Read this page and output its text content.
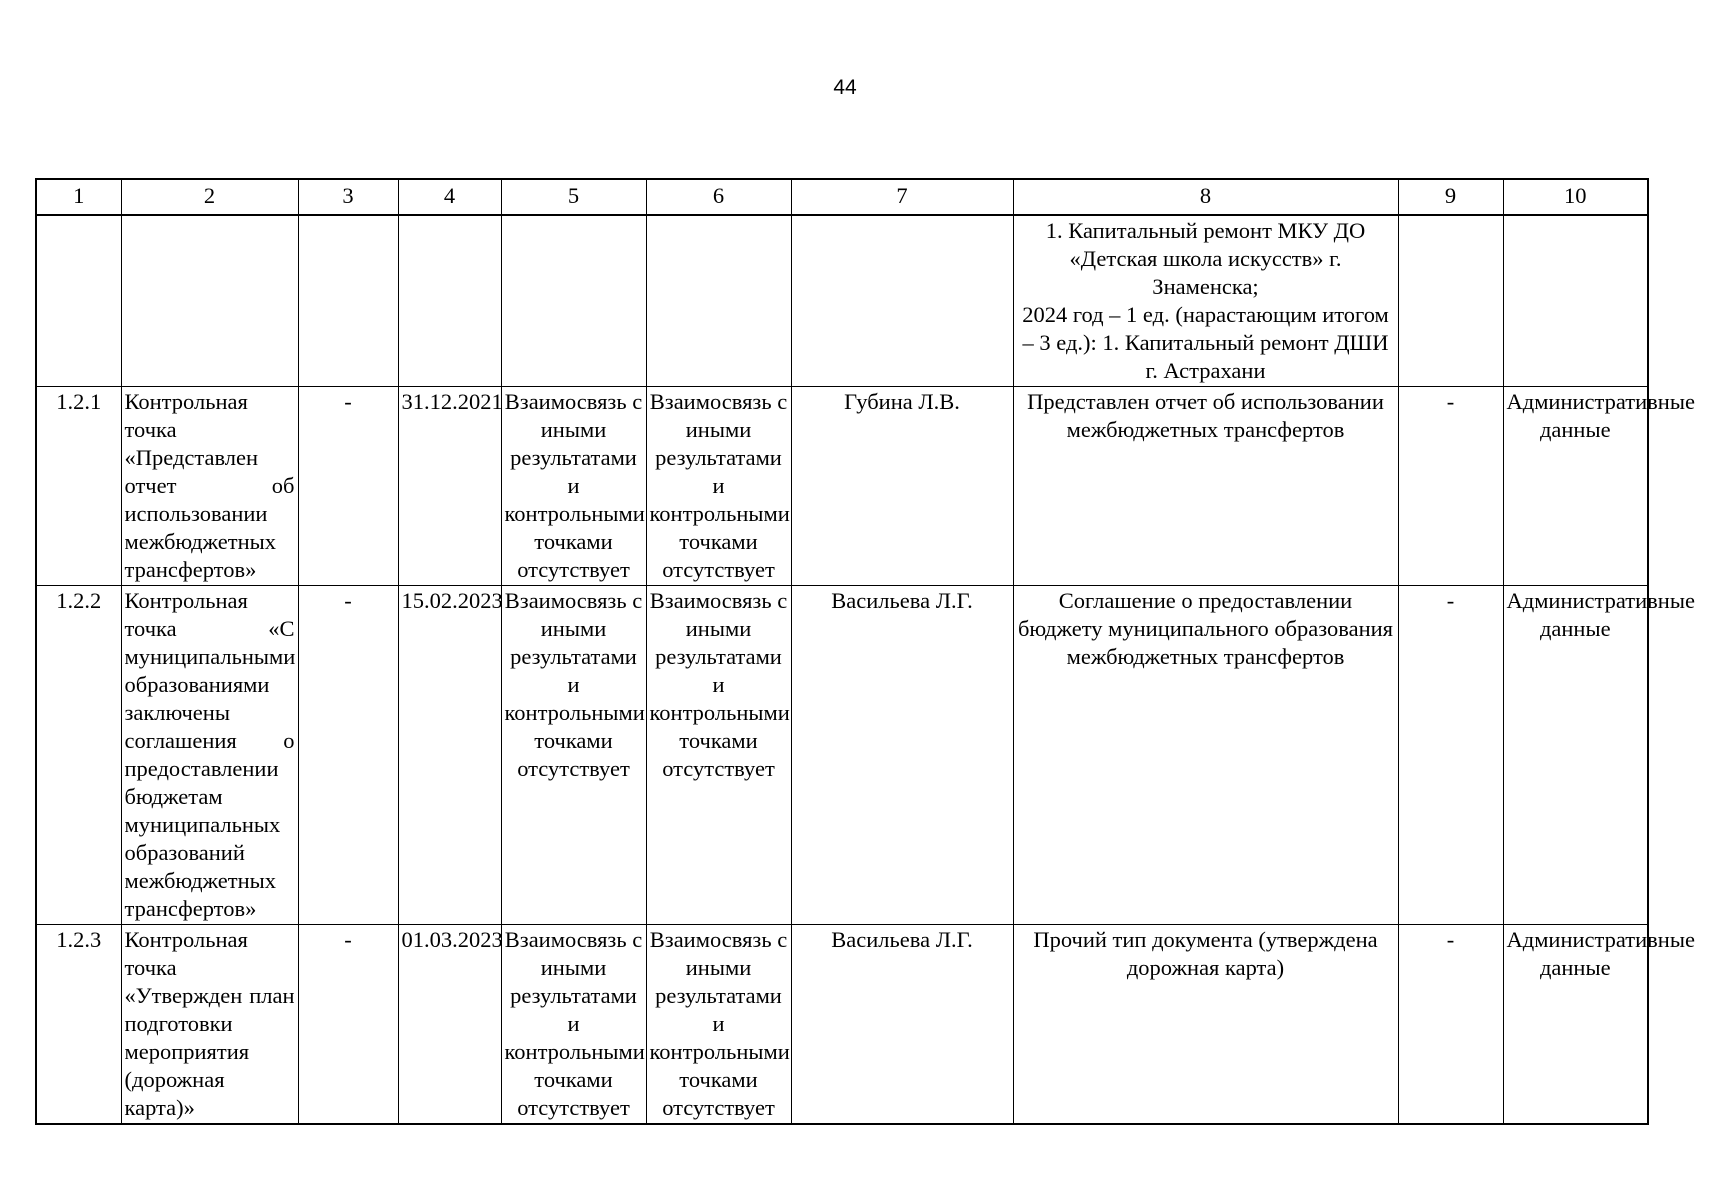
44
1	2	3	4	5	6	7	8	9	10
							1. Капитальный ремонт МКУ ДО «Детская школа искусств» г. Знаменска;
2024 год – 1 ед. (нарастающим итогом – 3 ед.): 1. Капитальный ремонт ДШИ г. Астрахани		
1.2.1	Контрольная точка «Представлен отчет об использовании межбюджетных трансфертов»	-	31.12.2021	Взаимосвязь с иными результатами и контрольными точками отсутствует	Взаимосвязь с иными результатами и контрольными точками отсутствует	Губина Л.В.	Представлен отчет об использовании межбюджетных трансфертов	-	Административные данные
1.2.2	Контрольная точка «С муниципальными образованиями заключены соглашения о предоставлении бюджетам муниципальных образований межбюджетных трансфертов»	-	15.02.2023	Взаимосвязь с иными результатами и контрольными точками отсутствует	Взаимосвязь с иными результатами и контрольными точками отсутствует	Васильева Л.Г.	Соглашение о предоставлении бюджету муниципального образования межбюджетных трансфертов	-	Административные данные
1.2.3	Контрольная точка «Утвержден план подготовки мероприятия (дорожная карта)»	-	01.03.2023	Взаимосвязь с иными результатами и контрольными точками отсутствует	Взаимосвязь с иными результатами и контрольными точками отсутствует	Васильева Л.Г.	Прочий тип документа (утверждена дорожная карта)	-	Административные данные
